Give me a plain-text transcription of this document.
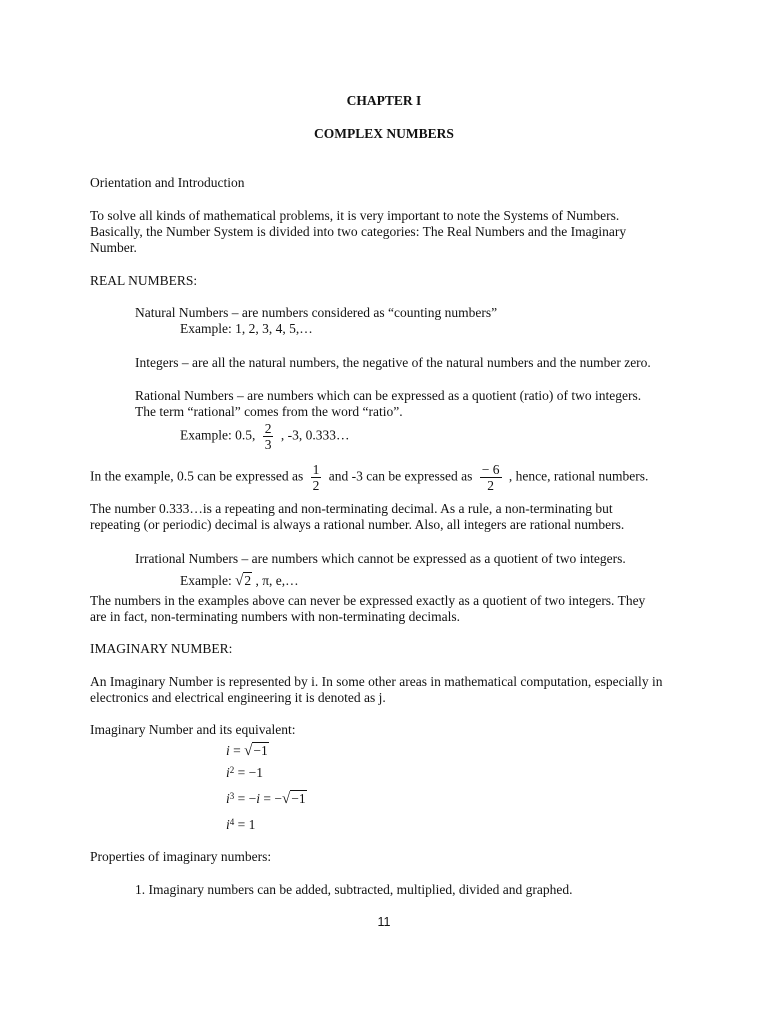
CHAPTER I
COMPLEX NUMBERS
Orientation and Introduction
To solve all kinds of mathematical problems, it is very important to note the Systems of Numbers.
Basically, the Number System is divided into two categories: The Real Numbers and the Imaginary
Number.
REAL NUMBERS:
Natural Numbers – are numbers considered as “counting numbers”
Example: 1, 2, 3, 4, 5,…
Integers – are all the natural numbers, the negative of the natural numbers and the number zero.
Rational Numbers – are numbers which can be expressed as a quotient (ratio) of two integers.
The term “rational” comes from the word “ratio”.
Example: 0.5, $\frac{2}{3}$ , -3, 0.333…
In the example, 0.5 can be expressed as $\frac{1}{2}$ and -3 can be expressed as $\frac{- 6}{2}$ , hence, rational numbers.
The number 0.333…is a repeating and non-terminating decimal. As a rule, a non-terminating but
repeating (or periodic) decimal is always a rational number. Also, all integers are rational numbers.
Irrational Numbers – are numbers which cannot be expressed as a quotient of two integers.
Example: √2 , π, e,…
The numbers in the examples above can never be expressed exactly as a quotient of two integers. They
are in fact, non-terminating numbers with non-terminating decimals.
IMAGINARY NUMBER:
An Imaginary Number is represented by i. In some other areas in mathematical computation, especially in
electronics and electrical engineering it is denoted as j.
Imaginary Number and its equivalent:
i = √−1
$i^2 = -1$
$i^3 = -i = -√-1$
$i^4 = 1$
Properties of imaginary numbers:
1. Imaginary numbers can be added, subtracted, multiplied, divided and graphed.
11
